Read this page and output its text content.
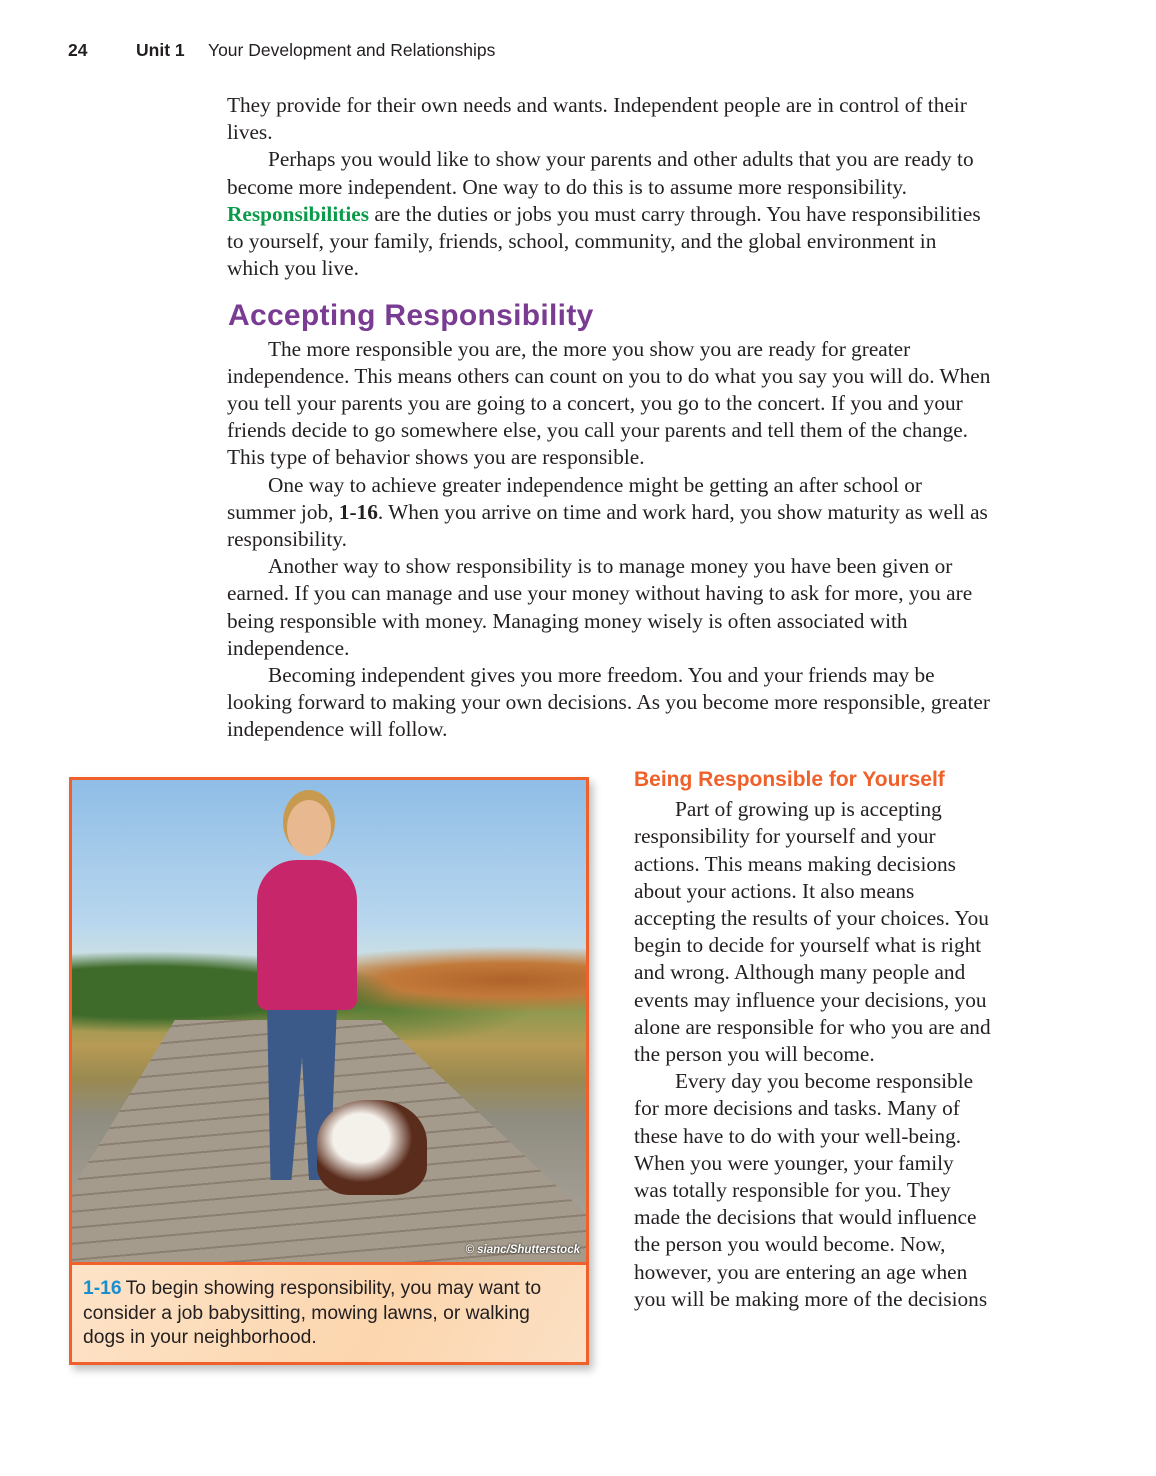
24	Unit 1 Your Development and Relationships

They provide for their own needs and wants. Independent people are in control of their lives.

Perhaps you would like to show your parents and other adults that you are ready to become more independent. One way to do this is to assume more responsibility. Responsibilities are the duties or jobs you must carry through. You have responsibilities to yourself, your family, friends, school, community, and the global environment in which you live.

Accepting Responsibility

The more responsible you are, the more you show you are ready for greater independence. This means others can count on you to do what you say you will do. When you tell your parents you are going to a concert, you go to the concert. If you and your friends decide to go somewhere else, you call your parents and tell them of the change. This type of behavior shows you are responsible.

One way to achieve greater independence might be getting an after school or summer job, 1-16. When you arrive on time and work hard, you show maturity as well as responsibility.

Another way to show responsibility is to manage money you have been given or earned. If you can manage and use your money without having to ask for more, you are being responsible with money. Managing money wisely is often associated with independence.

Becoming independent gives you more freedom. You and your friends may be looking forward to making your own decisions. As you become more responsible, greater independence will follow.

© sianc/Shutterstock
1-16 To begin showing responsibility, you may want to consider a job babysitting, mowing lawns, or walking dogs in your neighborhood.
Being Responsible for Yourself

Part of growing up is accepting responsibility for yourself and your actions. This means making decisions about your actions. It also means accepting the results of your choices. You begin to decide for yourself what is right and wrong. Although many people and events may influence your decisions, you alone are responsible for who you are and the person you will become.

Every day you become responsible for more decisions and tasks. Many of these have to do with your well-being. When you were younger, your family was totally responsible for you. They made the decisions that would influence the person you would become. Now, however, you are entering an age when you will be making more of the decisions
